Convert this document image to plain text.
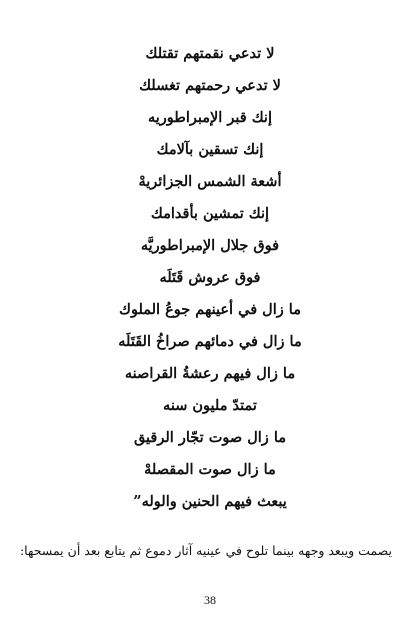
لا تدعي نقمتهم تقتلك
لا تدعي رحمتهم تغسلك
إنك قبر الإمبراطوريه
إنك تسقين بآلامك
أشعة الشمس الجزائريهْ
إنك تمشين بأقدامك
فوق جلال الإمبراطوريَّه
فوق عروش قَتَلَه
ما زال في أعينهم جوعُ الملوك
ما زال في دمائهم صراخُ القَتَلَه
ما زال فيهم رعشةُ القراصنه
تمتدّ مليون سنه
ما زال صوت تجّار الرقيق
ما زال صوت المقصلهْ
يبعث فيهم الحنين والوله”

يصمت ويبعد وجهه بينما تلوح في عينيه آثار دموع ثم يتابع بعد أن يمسحها:

38
